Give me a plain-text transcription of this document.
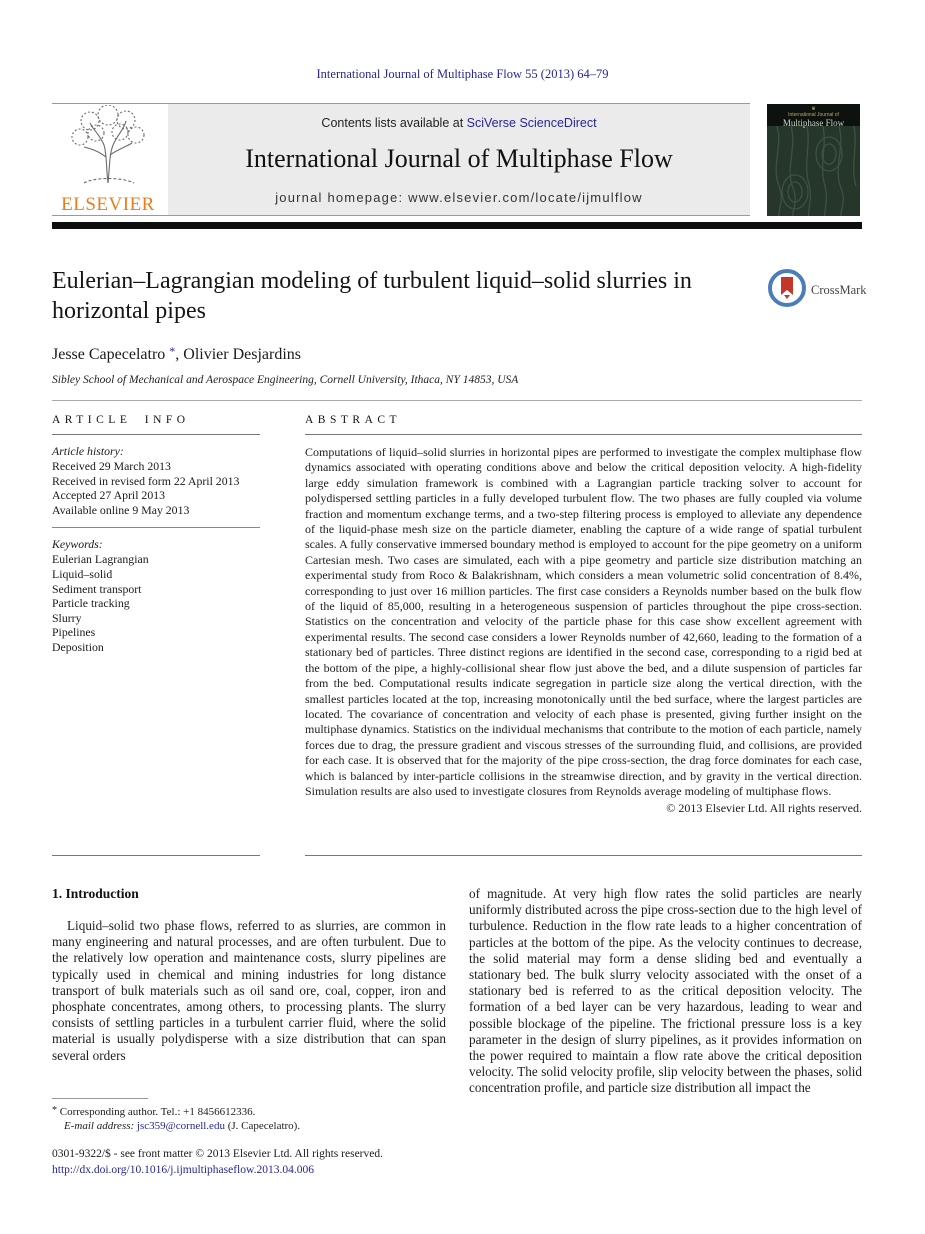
International Journal of Multiphase Flow 55 (2013) 64–79
ELSEVIER
Contents lists available at SciVerse ScienceDirect
International Journal of Multiphase Flow
journal homepage: www.elsevier.com/locate/ijmulflow
♛
International Journal of
Multiphase Flow
Eulerian–Lagrangian modeling of turbulent liquid–solid slurries in horizontal pipes
CrossMark
Jesse Capecelatro *, Olivier Desjardins
Sibley School of Mechanical and Aerospace Engineering, Cornell University, Ithaca, NY 14853, USA
ARTICLE INFO
Article history:
Received 29 March 2013
Received in revised form 22 April 2013
Accepted 27 April 2013
Available online 9 May 2013
Keywords:
Eulerian Lagrangian
Liquid–solid
Sediment transport
Particle tracking
Slurry
Pipelines
Deposition
ABSTRACT
Computations of liquid–solid slurries in horizontal pipes are performed to investigate the complex multiphase flow dynamics associated with operating conditions above and below the critical deposition velocity. A high-fidelity large eddy simulation framework is combined with a Lagrangian particle tracking solver to account for polydispersed settling particles in a fully developed turbulent flow. The two phases are fully coupled via volume fraction and momentum exchange terms, and a two-step filtering process is employed to alleviate any dependence of the liquid-phase mesh size on the particle diameter, enabling the capture of a wide range of spatial turbulent scales. A fully conservative immersed boundary method is employed to account for the pipe geometry on a uniform Cartesian mesh. Two cases are simulated, each with a pipe geometry and particle size distribution matching an experimental study from Roco & Balakrishnam, which considers a mean volumetric solid concentration of 8.4%, corresponding to just over 16 million particles. The first case considers a Reynolds number based on the bulk flow of the liquid of 85,000, resulting in a heterogeneous suspension of particles throughout the pipe cross-section. Statistics on the concentration and velocity of the particle phase for this case show excellent agreement with experimental results. The second case considers a lower Reynolds number of 42,660, leading to the formation of a stationary bed of particles. Three distinct regions are identified in the second case, corresponding to a rigid bed at the bottom of the pipe, a highly-collisional shear flow just above the bed, and a dilute suspension of particles far from the bed. Computational results indicate segregation in particle size along the vertical direction, with the smallest particles located at the top, increasing monotonically until the bed surface, where the largest particles are located. The covariance of concentration and velocity of each phase is presented, giving further insight on the multiphase dynamics. Statistics on the individual mechanisms that contribute to the motion of each particle, namely forces due to drag, the pressure gradient and viscous stresses of the surrounding fluid, and collisions, are provided for each case. It is observed that for the majority of the pipe cross-section, the drag force dominates for each case, which is balanced by inter-particle collisions in the streamwise direction, and by gravity in the vertical direction. Simulation results are also used to investigate closures from Reynolds average modeling of multiphase flows.
© 2013 Elsevier Ltd. All rights reserved.
1. Introduction
Liquid–solid two phase flows, referred to as slurries, are common in many engineering and natural processes, and are often turbulent. Due to the relatively low operation and maintenance costs, slurry pipelines are typically used in chemical and mining industries for long distance transport of bulk materials such as oil sand ore, coal, copper, iron and phosphate concentrates, among others, to processing plants. The slurry consists of settling particles in a turbulent carrier fluid, where the solid material is usually polydisperse with a size distribution that can span several orders
of magnitude. At very high flow rates the solid particles are nearly uniformly distributed across the pipe cross-section due to the high level of turbulence. Reduction in the flow rate leads to a higher concentration of particles at the bottom of the pipe. As the velocity continues to decrease, the solid material may form a dense sliding bed and eventually a stationary bed. The bulk slurry velocity associated with the onset of a stationary bed is referred to as the critical deposition velocity. The formation of a bed layer can be very hazardous, leading to wear and possible blockage of the pipeline. The frictional pressure loss is a key parameter in the design of slurry pipelines, as it provides information on the power required to maintain a flow rate above the critical deposition velocity. The solid velocity profile, slip velocity between the phases, solid concentration profile, and particle size distribution all impact the
* Corresponding author. Tel.: +1 8456612336.
E-mail address: jsc359@cornell.edu (J. Capecelatro).
0301-9322/$ - see front matter © 2013 Elsevier Ltd. All rights reserved.
http://dx.doi.org/10.1016/j.ijmultiphaseflow.2013.04.006
